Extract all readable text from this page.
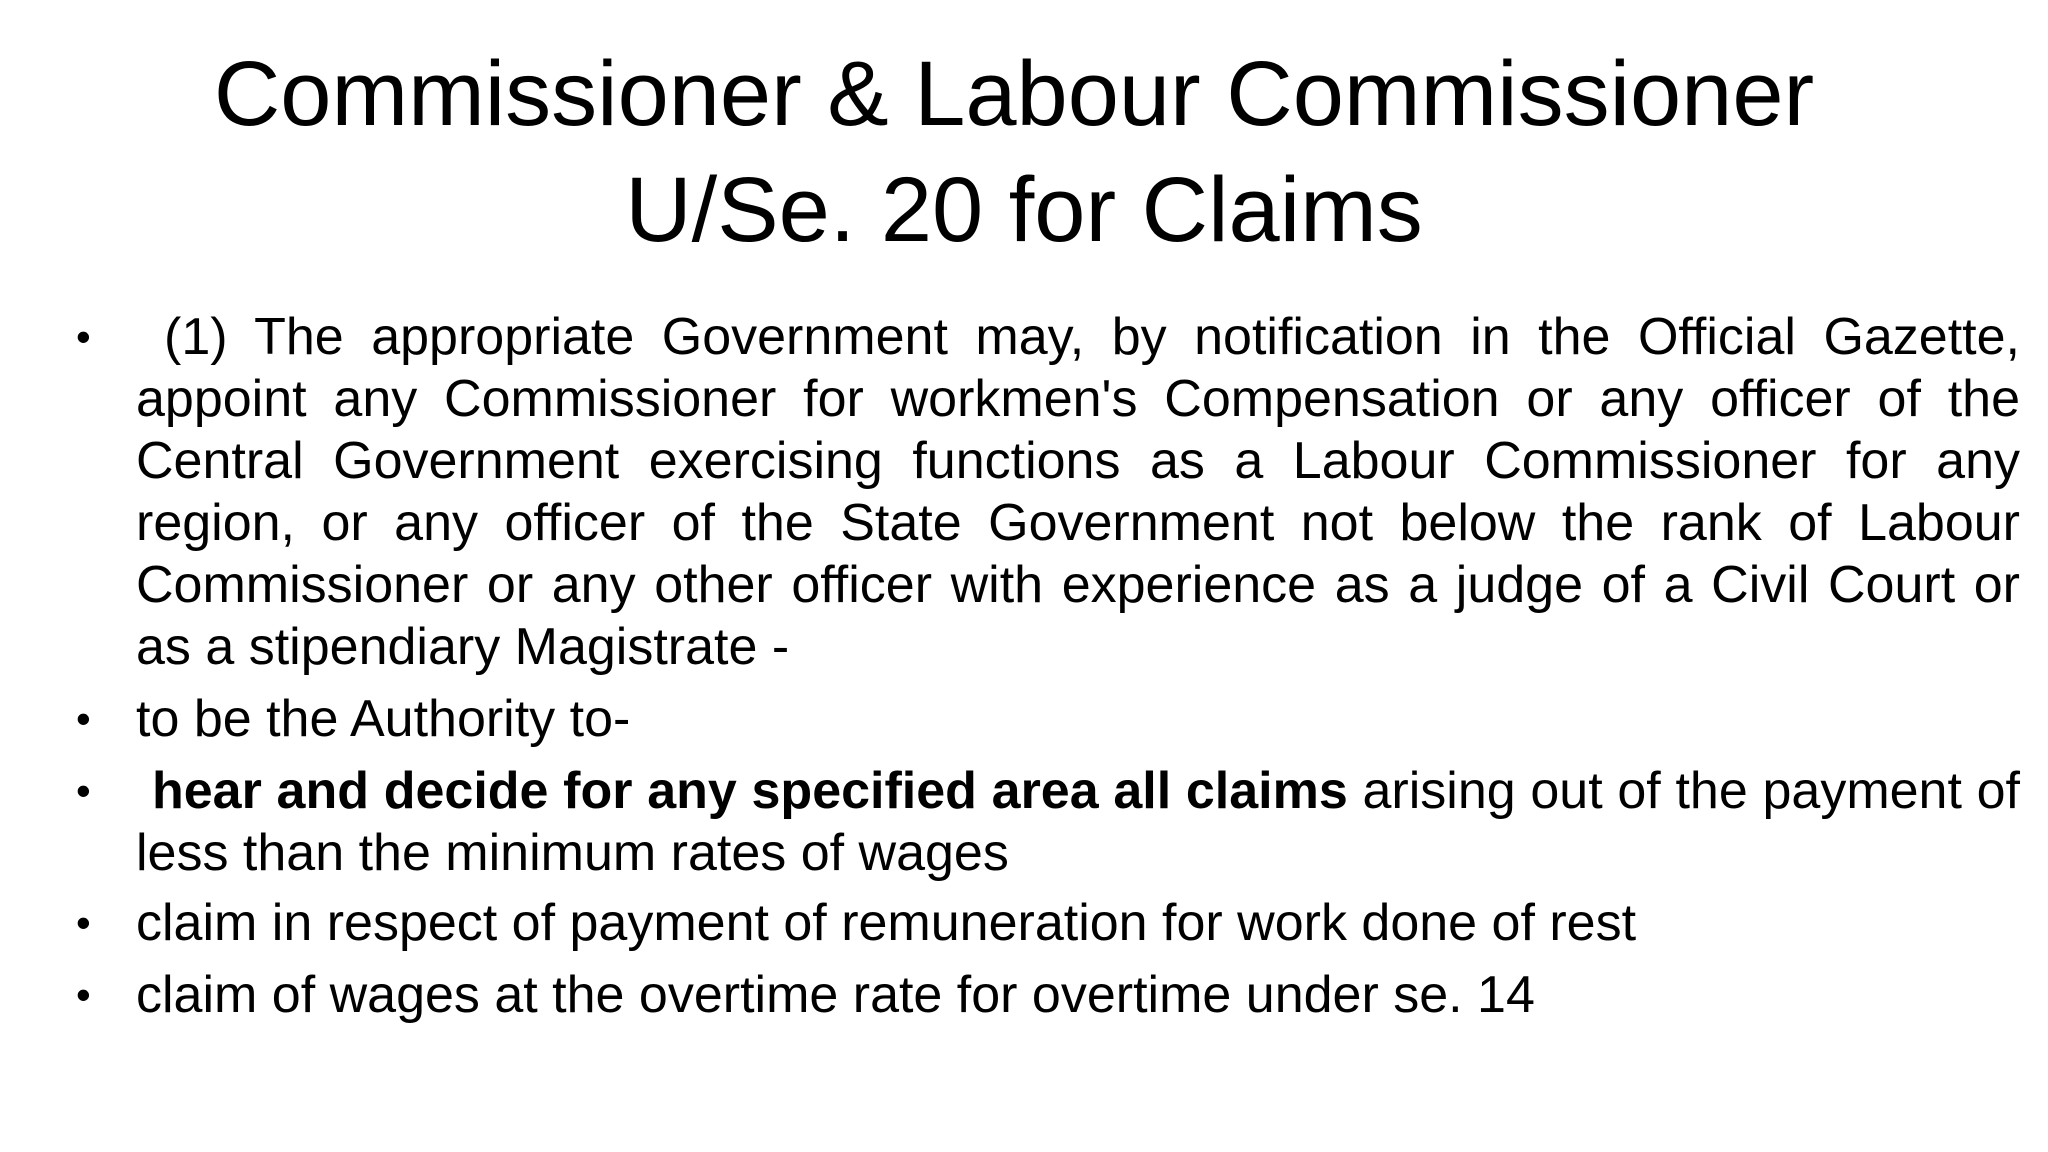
Commissioner & Labour Commissioner
U/Se. 20 for Claims
•	(1) The appropriate Government may, by notification in the Official Gazette, appoint any Commissioner for workmen's Compensation or any officer of the Central Government exercising functions as a Labour Commissioner for any region, or any officer of the State Government not below the rank of Labour Commissioner or any other officer with experience as a judge of a Civil Court or as a stipendiary Magistrate -
• to be the Authority to-
•	hear and decide for any specified area all claims arising out of the payment of less than the minimum rates of wages
• claim in respect of payment of remuneration for work done of rest
• claim of wages at the overtime rate for overtime under se. 14
